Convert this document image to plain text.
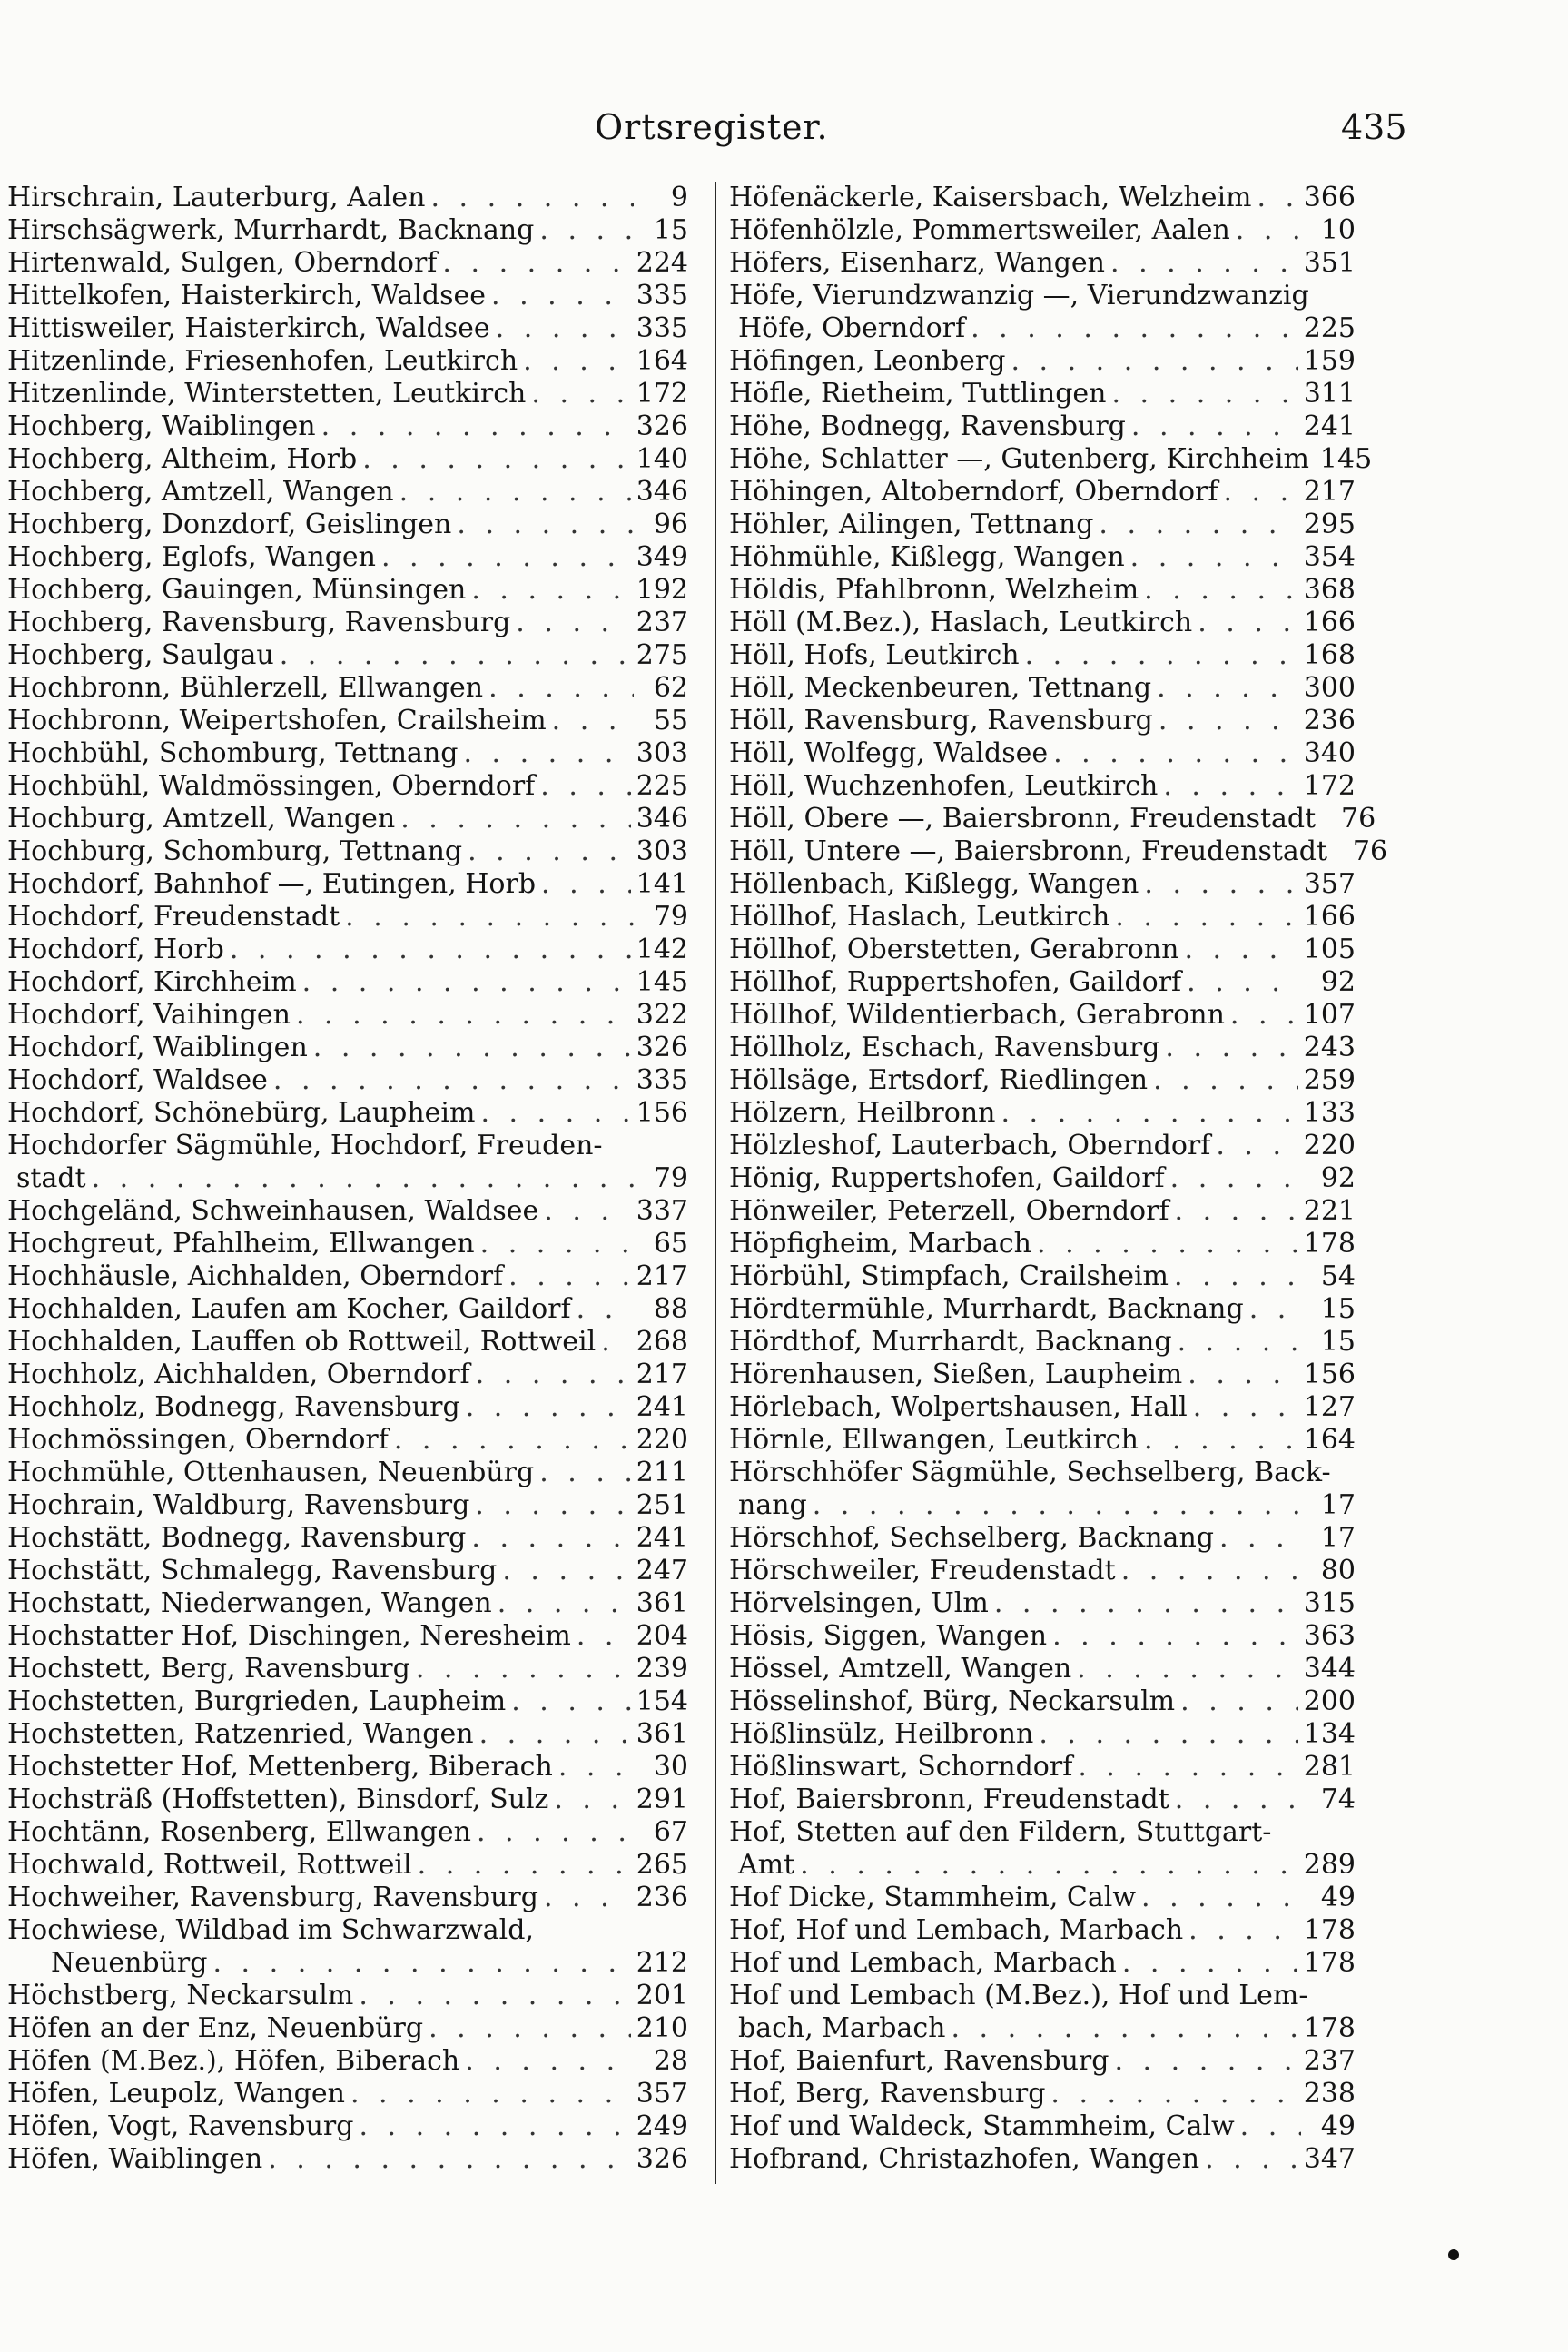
Ortsregister.	435
Hirschrain, Lauterburg, Aalen . . .	9
Hirschsägwerk, Murrhardt, Backnang . . .	15
Hirtenwald, Sulgen, Oberndorf . . .	224
Hittelkofen, Haisterkirch, Waldsee . . .	335
Hittisweiler, Haisterkirch, Waldsee . . .	335
Hitzenlinde, Friesenhofen, Leutkirch . . .	164
Hitzenlinde, Winterstetten, Leutkirch . . .	172
Hochberg, Waiblingen . . .	326
Hochberg, Altheim, Horb . . .	140
Hochberg, Amtzell, Wangen . . .	346
Hochberg, Donzdorf, Geislingen . . .	96
Hochberg, Eglofs, Wangen . . .	349
Hochberg, Gauingen, Münsingen . . .	192
Hochberg, Ravensburg, Ravensburg . . .	237
Hochberg, Saulgau . . .	275
Hochbronn, Bühlerzell, Ellwangen . . .	62
Hochbronn, Weipertshofen, Crailsheim . . .	55
Hochbühl, Schomburg, Tettnang . . .	303
Hochbühl, Waldmössingen, Oberndorf . . .	225
Hochburg, Amtzell, Wangen . . .	346
Hochburg, Schomburg, Tettnang . . .	303
Hochdorf, Bahnhof —, Eutingen, Horb . . .	141
Hochdorf, Freudenstadt . . .	79
Hochdorf, Horb . . .	142
Hochdorf, Kirchheim . . .	145
Hochdorf, Vaihingen . . .	322
Hochdorf, Waiblingen . . .	326
Hochdorf, Waldsee . . .	335
Hochdorf, Schönebürg, Laupheim . . .	156
Hochdorfer Sägmühle, Hochdorf, Freuden-
stadt . . .	79
Hochgeländ, Schweinhausen, Waldsee . . .	337
Hochgreut, Pfahlheim, Ellwangen . . .	65
Hochhäusle, Aichhalden, Oberndorf . . .	217
Hochhalden, Laufen am Kocher, Gaildorf . . .	88
Hochhalden, Lauffen ob Rottweil, Rottweil . . . 268
Hochholz, Aichhalden, Oberndorf . . .	217
Hochholz, Bodnegg, Ravensburg . . .	241
Hochmössingen, Oberndorf . . .	220
Hochmühle, Ottenhausen, Neuenbürg . . .	211
Hochrain, Waldburg, Ravensburg . . .	251
Hochstätt, Bodnegg, Ravensburg . . .	241
Hochstätt, Schmalegg, Ravensburg . . .	247
Hochstatt, Niederwangen, Wangen . . .	361
Hochstatter Hof, Dischingen, Neresheim . . . 204
Hochstett, Berg, Ravensburg . . .	239
Hochstetten, Burgrieden, Laupheim . . .	154
Hochstetten, Ratzenried, Wangen . . .	361
Hochstetter Hof, Mettenberg, Biberach . . .	30
Hochsträß (Hoffstetten), Binsdorf, Sulz . . .	291
Hochtänn, Rosenberg, Ellwangen . . .	67
Hochwald, Rottweil, Rottweil . . .	265
Hochweiher, Ravensburg, Ravensburg . . .	236
Hochwiese, Wildbad im Schwarzwald,
Neuenbürg . . .	212
Höchstberg, Neckarsulm . . .	201
Höfen an der Enz, Neuenbürg . . .	210
Höfen (M.Bez.), Höfen, Biberach . . .	28
Höfen, Leupolz, Wangen . . .	357
Höfen, Vogt, Ravensburg . . .	249
Höfen, Waiblingen . . .	326
Höfenäckerle, Kaisersbach, Welzheim . . . 366
Höfenhölzle, Pommertsweiler, Aalen . . .	10
Höfers, Eisenharz, Wangen . . .	351
Höfe, Vierundzwanzig —, Vierundzwanzig
Höfe, Oberndorf . . .	225
Höfingen, Leonberg . . .	159
Höfle, Rietheim, Tuttlingen . . .	311
Höhe, Bodnegg, Ravensburg . . .	241
Höhe, Schlatter —, Gutenberg, Kirchheim 145
Höhingen, Altoberndorf, Oberndorf . . .	217
Höhler, Ailingen, Tettnang . . .	295
Höhmühle, Kißlegg, Wangen . . .	354
Höldis, Pfahlbronn, Welzheim . . .	368
Höll (M.Bez.), Haslach, Leutkirch . . .	166
Höll, Hofs, Leutkirch . . .	168
Höll, Meckenbeuren, Tettnang . . .	300
Höll, Ravensburg, Ravensburg . . .	236
Höll, Wolfegg, Waldsee . . .	340
Höll, Wuchzenhofen, Leutkirch . . .	172
Höll, Obere —, Baiersbronn, Freudenstadt 76
Höll, Untere —, Baiersbronn, Freudenstadt 76
Höllenbach, Kißlegg, Wangen . . .	357
Höllhof, Haslach, Leutkirch . . .	166
Höllhof, Oberstetten, Gerabronn . . .	105
Höllhof, Ruppertshofen, Gaildorf . . .	92
Höllhof, Wildentierbach, Gerabronn . . .	107
Höllholz, Eschach, Ravensburg . . .	243
Höllsäge, Ertsdorf, Riedlingen . . .	259
Hölzern, Heilbronn . . .	133
Hölzleshof, Lauterbach, Oberndorf . . .	220
Hönig, Ruppertshofen, Gaildorf . . .	92
Hönweiler, Peterzell, Oberndorf . . .	221
Höpfigheim, Marbach . . .	178
Hörbühl, Stimpfach, Crailsheim . . .	54
Hördtermühle, Murrhardt, Backnang . . .	15
Hördthof, Murrhardt, Backnang . . .	15
Hörenhausen, Sießen, Laupheim . . .	156
Hörlebach, Wolpertshausen, Hall . . .	127
Hörnle, Ellwangen, Leutkirch . . .	164
Hörschhöfer Sägmühle, Sechselberg, Back-
nang . . .	17
Hörschhof, Sechselberg, Backnang . . .	17
Hörschweiler, Freudenstadt . . .	80
Hörvelsingen, Ulm . . .	315
Hösis, Siggen, Wangen . . .	363
Hössel, Amtzell, Wangen . . .	344
Hösselinshof, Bürg, Neckarsulm . . .	200
Hößlinsülz, Heilbronn . . .	134
Hößlinswart, Schorndorf . . .	281
Hof, Baiersbronn, Freudenstadt . . .	74
Hof, Stetten auf den Fildern, Stuttgart-
Amt . . .	289
Hof Dicke, Stammheim, Calw . . .	49
Hof, Hof und Lembach, Marbach . . .	178
Hof und Lembach, Marbach . . .	178
Hof und Lembach (M.Bez.), Hof und Lem-
bach, Marbach . . .	178
Hof, Baienfurt, Ravensburg . . .	237
Hof, Berg, Ravensburg . . .	238
Hof und Waldeck, Stammheim, Calw . . .	49
Hofbrand, Christazhofen, Wangen . . .	347
